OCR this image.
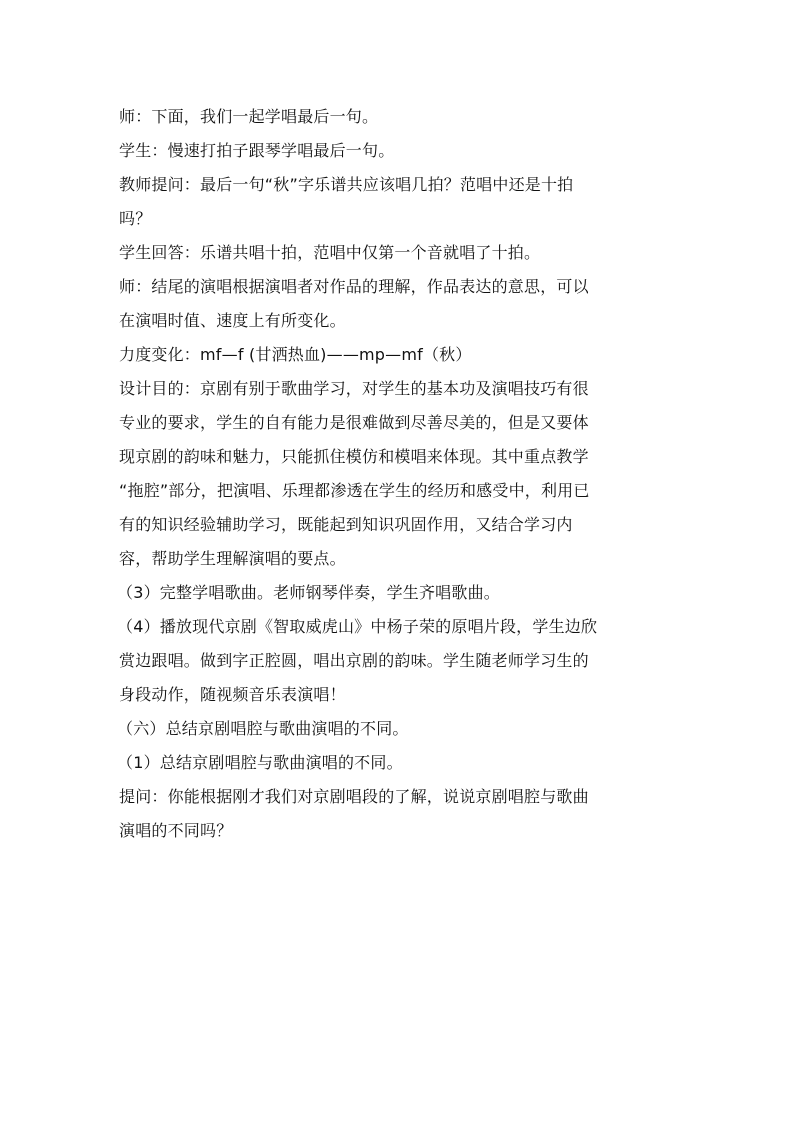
师：下面，我们一起学唱最后一句。
学生：慢速打拍子跟琴学唱最后一句。
教师提问：最后一句“秋”字乐谱共应该唱几拍？范唱中还是十拍
吗？
学生回答：乐谱共唱十拍，范唱中仅第一个音就唱了十拍。
师：结尾的演唱根据演唱者对作品的理解，作品表达的意思，可以
在演唱时值、速度上有所变化。
力度变化：mf—f (甘洒热血)——mp—mf（秋）
设计目的：京剧有别于歌曲学习，对学生的基本功及演唱技巧有很
专业的要求，学生的自有能力是很难做到尽善尽美的，但是又要体
现京剧的韵味和魅力，只能抓住模仿和模唱来体现。其中重点教学
“拖腔”部分，把演唱、乐理都渗透在学生的经历和感受中，利用已
有的知识经验辅助学习，既能起到知识巩固作用，又结合学习内
容，帮助学生理解演唱的要点。
（3）完整学唱歌曲。老师钢琴伴奏，学生齐唱歌曲。
（4）播放现代京剧《智取威虎山》中杨子荣的原唱片段，学生边欣
赏边跟唱。做到字正腔圆，唱出京剧的韵味。学生随老师学习生的
身段动作，随视频音乐表演唱！
（六）总结京剧唱腔与歌曲演唱的不同。
（1）总结京剧唱腔与歌曲演唱的不同。
提问：你能根据刚才我们对京剧唱段的了解，说说京剧唱腔与歌曲
演唱的不同吗？
